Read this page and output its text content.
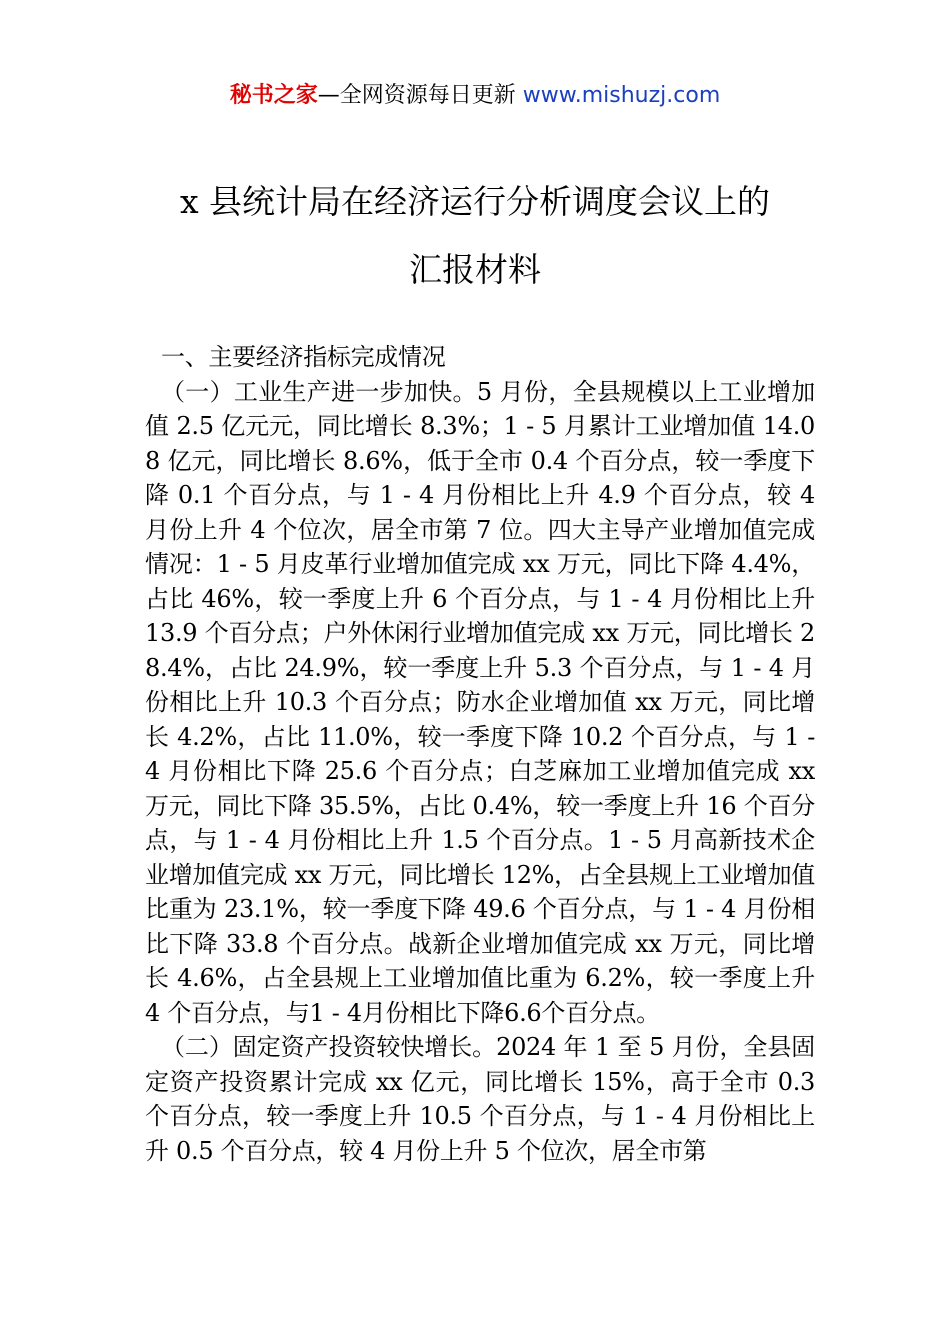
秘书之家—全网资源每日更新 www.mishuzj.com
x 县统计局在经济运行分析调度会议上的
汇报材料
一、主要经济指标完成情况

（一）工业生产进一步加快。5 月份，全县规模以上工业增加值 2.5 亿元元，同比增长 8.3%；1 - 5 月累计工业增加值 14.08 亿元，同比增长 8.6%，低于全市 0.4 个百分点，较一季度下降 0.1 个百分点，与 1 - 4 月份相比上升 4.9 个百分点，较 4 月份上升 4 个位次，居全市第 7 位。四大主导产业增加值完成情况：1 - 5 月皮革行业增加值完成 xx 万元，同比下降 4.4%，占比 46%，较一季度上升 6 个百分点，与 1 - 4 月份相比上升 13.9 个百分点；户外休闲行业增加值完成 xx 万元，同比增长 28.4%，占比 24.9%，较一季度上升 5.3 个百分点，与 1 - 4 月份相比上升 10.3 个百分点；防水企业增加值 xx 万元，同比增长 4.2%，占比 11.0%，较一季度下降 10.2 个百分点，与 1 - 4 月份相比下降 25.6 个百分点；白芝麻加工业增加值完成 xx 万元，同比下降 35.5%，占比 0.4%，较一季度上升 16 个百分点，与 1 - 4 月份相比上升 1.5 个百分点。1 - 5 月高新技术企业增加值完成 xx 万元，同比增长 12%，占全县规上工业增加值比重为 23.1%，较一季度下降 49.6 个百分点，与 1 - 4 月份相比下降 33.8 个百分点。战新企业增加值完成 xx 万元，同比增长 4.6%，占全县规上工业增加值比重为 6.2%，较一季度上升 4 个百分点，与1 - 4月份相比下降6.6个百分点。

（二）固定资产投资较快增长。2024 年 1 至 5 月份，全县固定资产投资累计完成 xx 亿元，同比增长 15%，高于全市 0.3 个百分点，较一季度上升 10.5 个百分点，与 1 - 4 月份相比上升 0.5 个百分点，较 4 月份上升 5 个位次，居全市第
